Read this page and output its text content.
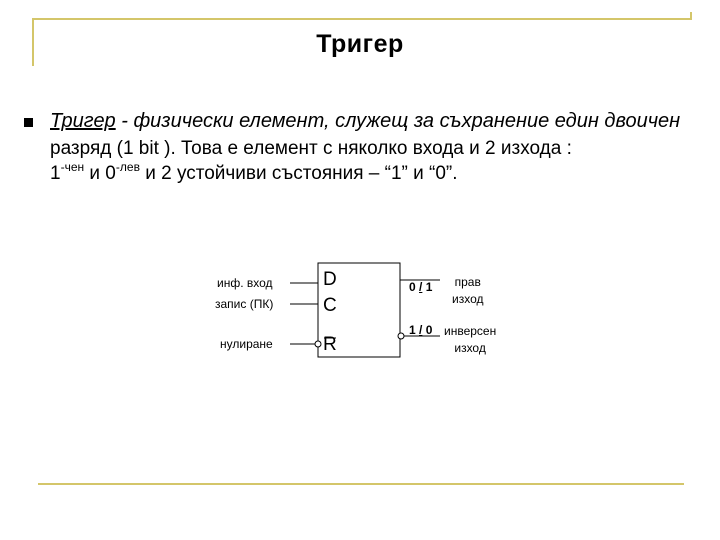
Тригер
Тригер - физически елемент, служещ за съхранение един двоичен
разряд (1 bit ). Това е елемент с няколко входа и 2 изхода :
$1^{-чен}$ и $0^{-лев}$ и 2 устойчиви състояния – “1” и “0”.
инф. вход
запис (ПК)
нулиране
D
C
R
0 / 1
1 / 0
прав
изход
инверсен
изход
